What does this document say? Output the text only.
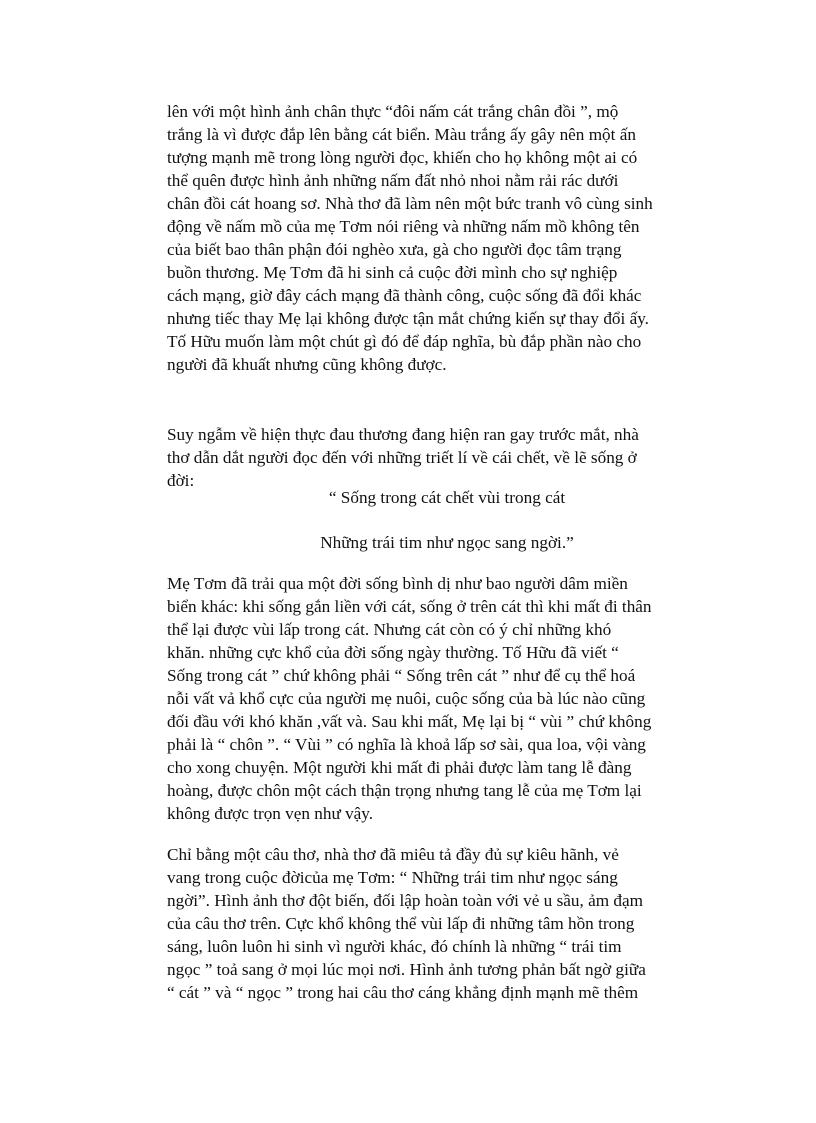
lên với một hình ảnh chân thực “đôi nấm cát trắng chân đồi ”, mộ
trắng là vì được đắp lên bằng cát biển. Màu trắng ấy gây nên một ấn
tượng mạnh mẽ trong lòng người đọc, khiến cho họ không một ai có
thể quên được hình ảnh những nấm đất nhỏ nhoi nằm rải rác dưới
chân đồi cát hoang sơ. Nhà thơ đã làm nên một bức tranh vô cùng sinh
động về nấm mồ của mẹ Tơm nói riêng và những nấm mồ không tên
của biết bao thân phận đói nghèo xưa, gà cho người đọc tâm trạng
buồn thương. Mẹ Tơm đã hi sinh cả cuộc đời mình cho sự nghiệp
cách mạng, giờ đây cách mạng đã thành công, cuộc sống đã đổi khác
nhưng tiếc thay Mẹ lại không được tận mắt chứng kiến sự thay đổi ấy.
Tố Hữu muốn làm một chút gì đó để đáp nghĩa, bù đắp phần nào cho
người đã khuất nhưng cũng không được.
Suy ngẫm về hiện thực đau thương đang hiện ran gay trước mắt, nhà
thơ dẫn dắt người đọc đến với những triết lí về cái chết, về lẽ sống ở
đời:
“ Sống trong cát chết vùi trong cát
Những trái tim như ngọc sang ngời.”
Mẹ Tơm đã trải qua một đời sống bình dị như bao người dâm miền
biển khác: khi sống gắn liền với cát, sống ở trên cát thì khi mất đi thân
thể lại được vùi lấp trong cát. Nhưng cát còn có ý chỉ những khó
khăn. những cực khổ của đời sống ngày thường. Tố Hữu đã viết “
Sống trong cát ” chứ không phải “ Sống trên cát ” như để cụ thể hoá
nỗi vất vả khổ cực của người mẹ nuôi, cuộc sống của bà lúc nào cũng
đối đầu với khó khăn ,vất và. Sau khi mất, Mẹ lại bị “ vùi ” chứ không
phải là “ chôn ”. “ Vùi ” có nghĩa là khoả lấp sơ sài, qua loa, vội vàng
cho xong chuyện. Một người khi mất đi phải được làm tang lễ đàng
hoàng, được chôn một cách thận trọng nhưng tang lễ của mẹ Tơm lại
không được trọn vẹn như vậy.
Chỉ bằng một câu thơ, nhà thơ đã miêu tả đầy đủ sự kiêu hãnh, vẻ
vang trong cuộc đờicủa mẹ Tơm: “ Những trái tim như ngọc sáng
ngời”. Hình ảnh thơ đột biến, đối lập hoàn toàn với vẻ u sầu, ảm đạm
của câu thơ trên. Cực khổ không thể vùi lấp đi những tâm hồn trong
sáng, luôn luôn hi sinh vì người khác, đó chính là những “ trái tim
ngọc ” toả sang ở mọi lúc mọi nơi. Hình ảnh tương phản bất ngờ giữa
“ cát ” và “ ngọc ” trong hai câu thơ cáng khẳng định mạnh mẽ thêm
